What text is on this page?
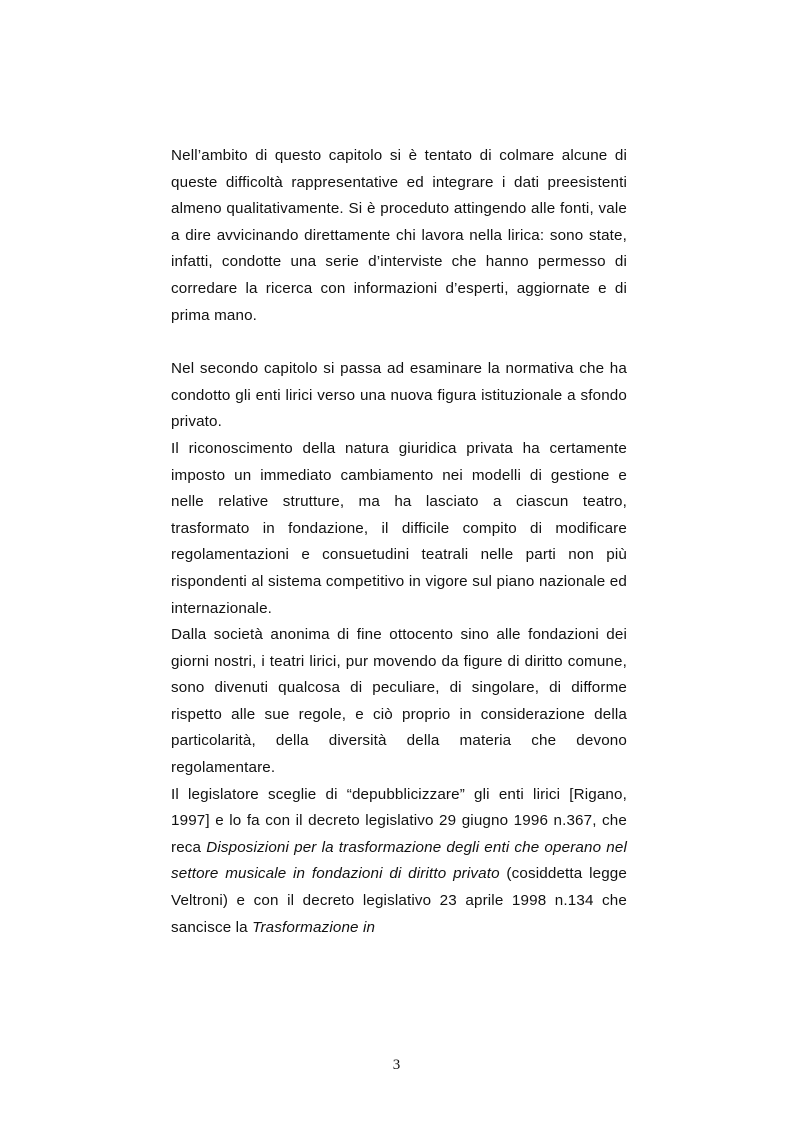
Nell’ambito di questo capitolo si è tentato di colmare alcune di queste difficoltà rappresentative ed integrare i dati preesistenti almeno qualitativamente. Si è proceduto attingendo alle fonti, vale a dire avvicinando direttamente chi lavora nella lirica: sono state, infatti, condotte una serie d’interviste che hanno permesso di corredare la ricerca con informazioni d’esperti, aggiornate e di prima mano.

Nel secondo capitolo si passa ad esaminare la normativa che ha condotto gli enti lirici verso una nuova figura istituzionale a sfondo privato.

Il riconoscimento della natura giuridica privata ha certamente imposto un immediato cambiamento nei modelli di gestione e nelle relative strutture, ma ha lasciato a ciascun teatro, trasformato in fondazione, il difficile compito di modificare regolamentazioni e consuetudini teatrali nelle parti non più rispondenti al sistema competitivo in vigore sul piano nazionale ed internazionale.

Dalla società anonima di fine ottocento sino alle fondazioni dei giorni nostri, i teatri lirici, pur movendo da figure di diritto comune, sono divenuti qualcosa di peculiare, di singolare, di difforme rispetto alle sue regole, e ciò proprio in considerazione della particolarità, della diversità della materia che devono regolamentare.

Il legislatore sceglie di “depubblicizzare” gli enti lirici [Rigano, 1997] e lo fa con il decreto legislativo 29 giugno 1996 n.367, che reca Disposizioni per la trasformazione degli enti che operano nel settore musicale in fondazioni di diritto privato (cosiddetta legge Veltroni) e con il decreto legislativo 23 aprile 1998 n.134 che sancisce la Trasformazione in

3
